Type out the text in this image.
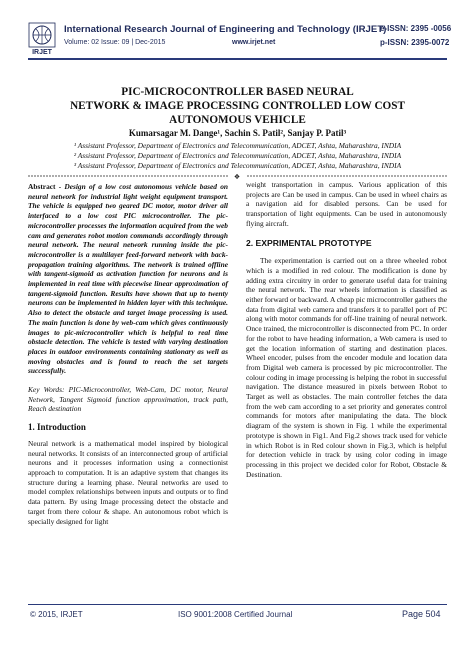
IRJET
International Research Journal of Engineering and Technology (IRJET)
e-ISSN: 2395 -0056
Volume: 02 Issue: 09 | Dec-2015	www.irjet.net	p-ISSN: 2395-0072
PIC-MICROCONTROLLER BASED NEURAL
NETWORK & IMAGE PROCESSING CONTROLLED LOW COST
AUTONOMOUS VEHICLE
Kumarsagar M. Dange¹, Sachin S. Patil², Sanjay P. Patil³
¹ Assistant Professor, Department of Electronics and Telecommunication, ADCET, Ashta, Maharashtra, INDIA
² Assistant Professor, Department of Electronics and Telecommunication, ADCET, Ashta, Maharashtra, INDIA
³ Assistant Professor, Department of Electronics and Telecommunication, ADCET, Ashta, Maharashtra, INDIA
❖
Abstract - Design of a low cost autonomous vehicle based on neural network for industrial light weight equipment transport. The vehicle is equipped two geared DC motor, motor driver all interfaced to a low cost PIC microcontroller. The pic-microcontroller processes the information acquired from the web cam and generates robot motion commands accordingly through neural network. The neural network running inside the pic-microcontroller is a multilayer feed-forward network with back-propagation training algorithms. The network is trained offline with tangent-sigmoid as activation function for neurons and is implemented in real time with piecewise linear approximation of tangent-sigmoid function. Results have shown that up to twenty neurons can be implemented in hidden layer with this technique. Also to detect the obstacle and target image processing is used. The main function is done by web-cam which gives continuously images to pic-microcontroller which is helpful to real time obstacle detection. The vehicle is tested with varying destination places in outdoor environments containing stationary as well as moving obstacles and is found to reach the set targets successfully.
Key Words: PIC-Microcontroller, Web-Cam, DC motor, Neural Network, Tangent Sigmoid function approximation, track path, Reach destination
1. Introduction
Neural network is a mathematical model inspired by biological neural networks. It consists of an interconnected group of artificial neurons and it processes information using a connectionist approach to computation. It is an adaptive system that changes its structure during a learning phase. Neural networks are used to model complex relationships between inputs and outputs or to find data pattern. By using Image processing detect the obstacle and target from there colour & shape. An autonomous robot which is specially designed for light
weight transportation in campus. Various application of this projects are Can be used in campus. Can be used in wheel chairs as a navigation aid for disabled persons. Can be used for transportation of light equipments. Can be used in autonomously flying aircraft.
2. EXPRIMENTAL PROTOTYPE
The experimentation is carried out on a three wheeled robot which is a modified in red colour. The modification is done by adding extra circuitry in order to generate useful data for training the neural network. The rear wheels information is classified as either forward or backward. A cheap pic microcontroller gathers the data from digital web camera and transfers it to parallel port of PC along with motor commands for off-line training of neural network. Once trained, the microcontroller is disconnected from PC. In order for the robot to have heading information, a Web camera is used to get the location information of starting and destination places. Wheel encoder, pulses from the encoder module and location data from Digital web camera is processed by pic microcontroller. The colour coding in image processing is helping the robot in successful navigation. The distance measured in pixels between Robot to Target as well as obstacles. The main controller fetches the data from the web cam according to a set priority and generates control commands for motors after manipulating the data. The block diagram of the system is shown in Fig. 1 while the experimental prototype is shown in Fig1. And Fig.2 shows track used for vehicle in which Robot is in Red colour shown in Fig.3, which is helpful for detection vehicle in track by using color coding in image processing in this project we decided color for Robot, Obstacle & Destination.
© 2015, IRJET	ISO 9001:2008 Certified Journal	Page 504
